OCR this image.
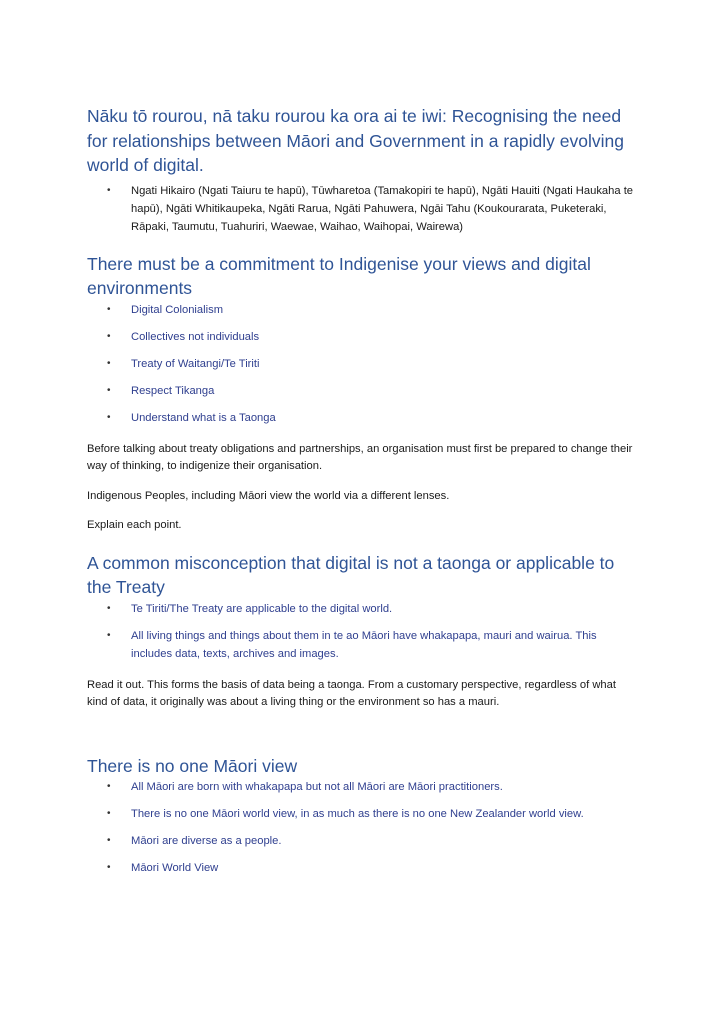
Nāku tō rourou, nā taku rourou ka ora ai te iwi: Recognising the need for relationships between Māori and Government in a rapidly evolving world of digital.
• Ngati Hikairo (Ngati Taiuru te hapū), Tūwharetoa (Tamakopiri te hapū), Ngāti Hauiti (Ngati Haukaha te hapū), Ngāti Whitikaupeka, Ngāti Rarua, Ngāti Pahuwera, Ngāi Tahu (Koukourarata, Puketeraki, Rāpaki, Taumutu, Tuahuriri, Waewae, Waihao, Waihopai, Wairewa)
There must be a commitment to Indigenise your views and digital environments
• Digital Colonialism
• Collectives not individuals
• Treaty of Waitangi/Te Tiriti
• Respect Tikanga
• Understand what is a Taonga

Before talking about treaty obligations and partnerships, an organisation must first be prepared to change their way of thinking, to indigenize their organisation.

Indigenous Peoples, including Māori view the world via a different lenses.

Explain each point.

A common misconception that digital is not a taonga or applicable to the Treaty
• Te Tiriti/The Treaty are applicable to the digital world.
• All living things and things about them in te ao Māori have whakapapa, mauri and wairua. This includes data, texts, archives and images.

Read it out. This forms the basis of data being a taonga. From a customary perspective, regardless of what kind of data, it originally was about a living thing or the environment so has a mauri.

There is no one Māori view
• All Māori are born with whakapapa but not all Māori are Māori practitioners.
• There is no one Māori world view, in as much as there is no one New Zealander world view.
• Māori are diverse as a people.
• Māori World View
